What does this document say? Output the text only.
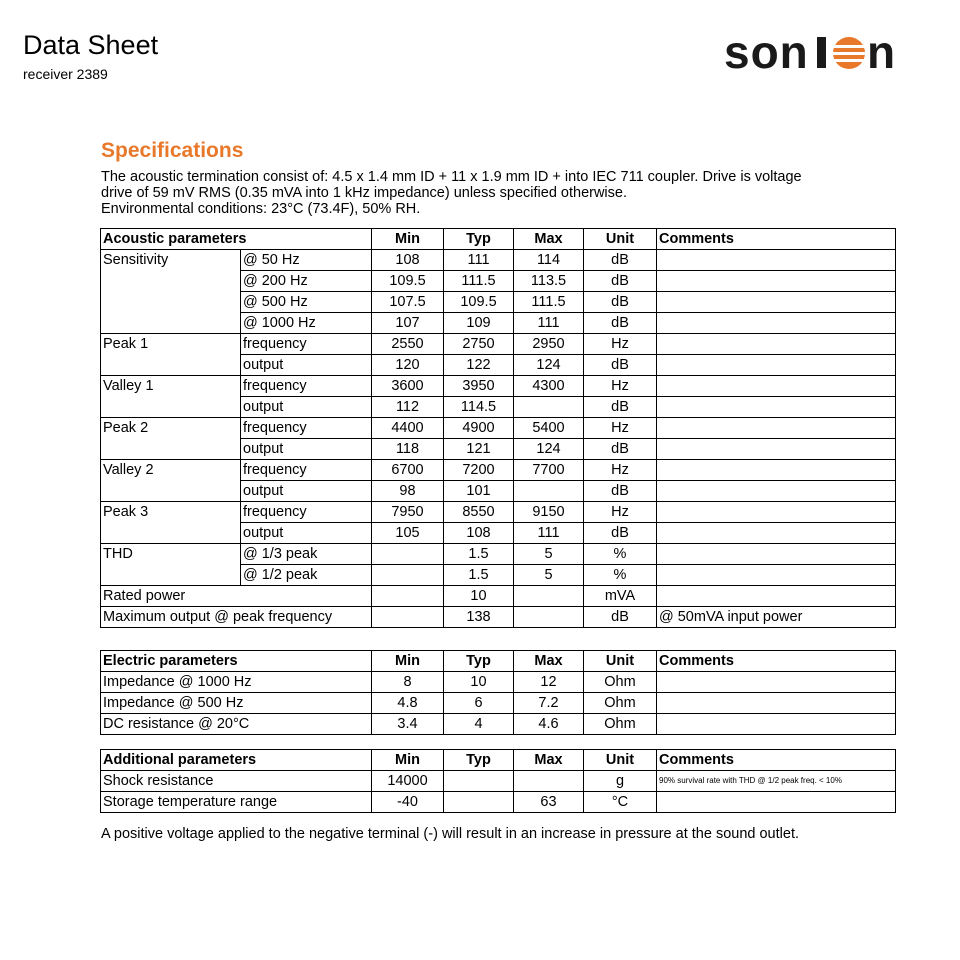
Data Sheet
receiver 2389	son n
Specifications
The acoustic termination consist of: 4.5 x 1.4 mm ID + 11 x 1.9 mm ID + into IEC 711 coupler. Drive is voltage
drive of 59 mV RMS (0.35 mVA into 1 kHz impedance) unless specified otherwise.
Environmental conditions: 23°C (73.4F), 50% RH.
Acoustic parameters		Min	Typ	Max	Unit	Comments
Sensitivity	@ 50 Hz	108	111	114	dB	
	@ 200 Hz	109.5	111.5	113.5	dB	
	@ 500 Hz	107.5	109.5	111.5	dB	
	@ 1000 Hz	107	109	111	dB	
Peak 1	frequency	2550	2750	2950	Hz	
	output	120	122	124	dB	
Valley 1	frequency	3600	3950	4300	Hz	
	output	112	114.5		dB	
Peak 2	frequency	4400	4900	5400	Hz	
	output	118	121	124	dB	
Valley 2	frequency	6700	7200	7700	Hz	
	output	98	101		dB	
Peak 3	frequency	7950	8550	9150	Hz	
	output	105	108	111	dB	
THD	@ 1/3 peak		1.5	5	%	
	@ 1/2 peak		1.5	5	%	
Rated power			10		mVA	
Maximum output @ peak frequency			138		dB	@ 50mVA input power
Electric parameters	Min	Typ	Max	Unit	Comments
Impedance @ 1000 Hz	8	10	12	Ohm	
Impedance @ 500 Hz	4.8	6	7.2	Ohm	
DC resistance @ 20°C	3.4	4	4.6	Ohm	
Additional parameters	Min	Typ	Max	Unit	Comments
Shock resistance	14000			g	90% survival rate with THD @ 1/2 peak freq. < 10%
Storage temperature range	-40		63	°C	
A positive voltage applied to the negative terminal (-) will result in an increase in pressure at the sound outlet.
